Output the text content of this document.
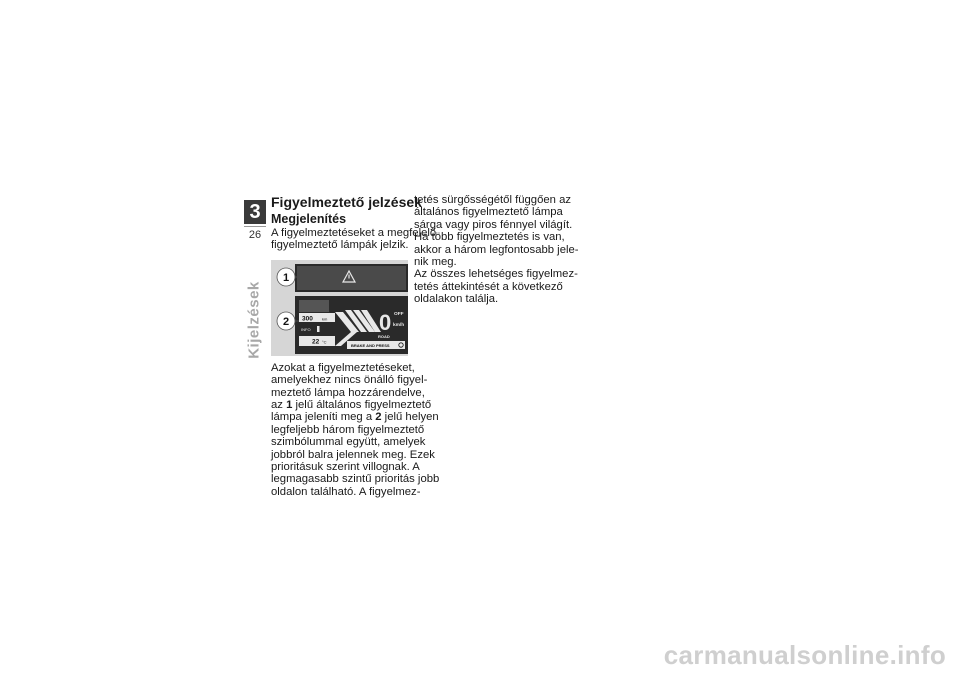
3
26
Kijelzések
Figyelmeztető jelzések
Megjelenítés

A figyelmeztetéseket a megfelelő
figyelmeztető lámpák jelzik.

300 km
INFO
22 °C
0 OFF
km/h
ROAD
BRAKE AND PRESS
1
2

Azokat a figyelmeztetéseket,
amelyekhez nincs önálló figyel-
meztető lámpa hozzárendelve,
az 1 jelű általános figyelmeztető
lámpa jeleníti meg a 2 jelű helyen
legfeljebb három figyelmeztető
szimbólummal együtt, amelyek
jobbról balra jelennek meg. Ezek
prioritásuk szerint villognak. A
legmagasabb szintű prioritás jobb
oldalon található. A figyelmez-

tetés sürgősségétől függően az
általános figyelmeztető lámpa
sárga vagy piros fénnyel világít.
Ha több figyelmeztetés is van,
akkor a három legfontosabb jele-
nik meg.
Az összes lehetséges figyelmez-
tetés áttekintését a következő
oldalakon találja.

carmanualsonline.info
